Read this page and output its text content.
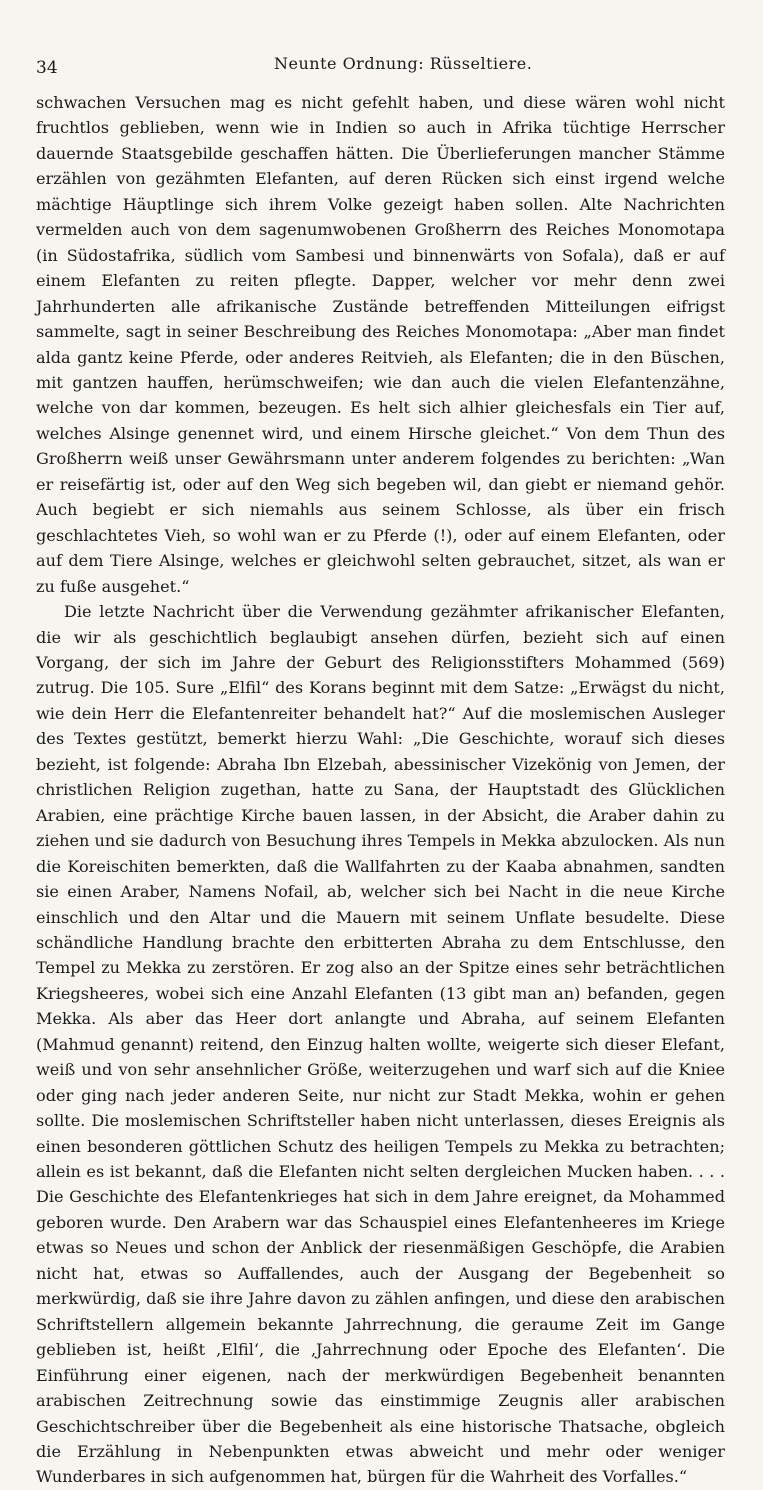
34	Neunte Ordnung: Rüsseltiere.

schwachen Versuchen mag es nicht gefehlt haben, und diese wären wohl nicht fruchtlos geblieben, wenn wie in Indien so auch in Afrika tüchtige Herrscher dauernde Staatsgebilde geschaffen hätten. Die Überlieferungen mancher Stämme erzählen von gezähmten Elefanten, auf deren Rücken sich einst irgend welche mächtige Häuptlinge sich ihrem Volke gezeigt haben sollen. Alte Nachrichten vermelden auch von dem sagenumwobenen Großherrn des Reiches Monomotapa (in Südostafrika, südlich vom Sambesi und binnenwärts von Sofala), daß er auf einem Elefanten zu reiten pflegte. Dapper, welcher vor mehr denn zwei Jahrhunderten alle afrikanische Zustände betreffenden Mitteilungen eifrigst sammelte, sagt in seiner Beschreibung des Reiches Monomotapa: „Aber man findet alda gantz keine Pferde, oder anderes Reitvieh, als Elefanten; die in den Büschen, mit gantzen hauffen, herümschweifen; wie dan auch die vielen Elefantenzähne, welche von dar kommen, bezeugen. Es helt sich alhier gleichesfals ein Tier auf, welches Alsinge genennet wird, und einem Hirsche gleichet.“ Von dem Thun des Großherrn weiß unser Gewährsmann unter anderem folgendes zu berichten: „Wan er reisefärtig ist, oder auf den Weg sich begeben wil, dan giebt er niemand gehör. Auch begiebt er sich niemahls aus seinem Schlosse, als über ein frisch geschlachtetes Vieh, so wohl wan er zu Pferde (!), oder auf einem Elefanten, oder auf dem Tiere Alsinge, welches er gleichwohl selten gebrauchet, sitzet, als wan er zu fuße ausgehet.“

Die letzte Nachricht über die Verwendung gezähmter afrikanischer Elefanten, die wir als geschichtlich beglaubigt ansehen dürfen, bezieht sich auf einen Vorgang, der sich im Jahre der Geburt des Religionsstifters Mohammed (569) zutrug. Die 105. Sure „Elfil“ des Korans beginnt mit dem Satze: „Erwägst du nicht, wie dein Herr die Elefantenreiter behandelt hat?“ Auf die moslemischen Ausleger des Textes gestützt, bemerkt hierzu Wahl: „Die Geschichte, worauf sich dieses bezieht, ist folgende: Abraha Ibn Elzebah, abessinischer Vizekönig von Jemen, der christlichen Religion zugethan, hatte zu Sana, der Hauptstadt des Glücklichen Arabien, eine prächtige Kirche bauen lassen, in der Absicht, die Araber dahin zu ziehen und sie dadurch von Besuchung ihres Tempels in Mekka abzulocken. Als nun die Koreischiten bemerkten, daß die Wallfahrten zu der Kaaba abnahmen, sandten sie einen Araber, Namens Nofail, ab, welcher sich bei Nacht in die neue Kirche einschlich und den Altar und die Mauern mit seinem Unflate besudelte. Diese schändliche Handlung brachte den erbitterten Abraha zu dem Entschlusse, den Tempel zu Mekka zu zerstören. Er zog also an der Spitze eines sehr beträchtlichen Kriegsheeres, wobei sich eine Anzahl Elefanten (13 gibt man an) befanden, gegen Mekka. Als aber das Heer dort anlangte und Abraha, auf seinem Elefanten (Mahmud genannt) reitend, den Einzug halten wollte, weigerte sich dieser Elefant, weiß und von sehr ansehnlicher Größe, weiterzugehen und warf sich auf die Kniee oder ging nach jeder anderen Seite, nur nicht zur Stadt Mekka, wohin er gehen sollte. Die moslemischen Schriftsteller haben nicht unterlassen, dieses Ereignis als einen besonderen göttlichen Schutz des heiligen Tempels zu Mekka zu betrachten; allein es ist bekannt, daß die Elefanten nicht selten dergleichen Mucken haben. . . . Die Geschichte des Elefantenkrieges hat sich in dem Jahre ereignet, da Mohammed geboren wurde. Den Arabern war das Schauspiel eines Elefantenheeres im Kriege etwas so Neues und schon der Anblick der riesenmäßigen Geschöpfe, die Arabien nicht hat, etwas so Auffallendes, auch der Ausgang der Begebenheit so merkwürdig, daß sie ihre Jahre davon zu zählen anfingen, und diese den arabischen Schriftstellern allgemein bekannte Jahrrechnung, die geraume Zeit im Gange geblieben ist, heißt ‚Elfil‘, die ‚Jahrrechnung oder Epoche des Elefanten‘. Die Einführung einer eigenen, nach der merkwürdigen Begebenheit benannten arabischen Zeitrechnung sowie das einstimmige Zeugnis aller arabischen Geschichtschreiber über die Begebenheit als eine historische Thatsache, obgleich die Erzählung in Nebenpunkten etwas abweicht und mehr oder weniger Wunderbares in sich aufgenommen hat, bürgen für die Wahrheit des Vorfalles.“
